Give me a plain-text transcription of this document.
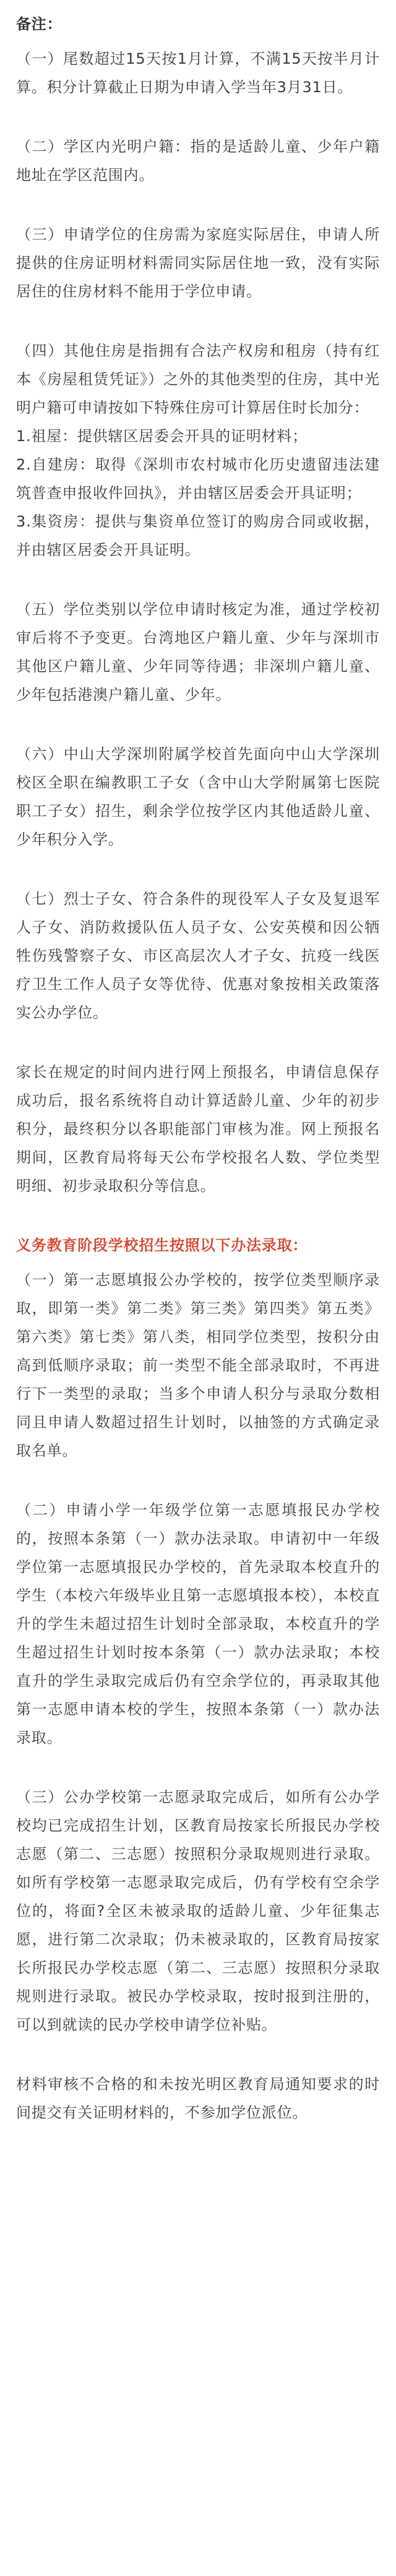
备注：

（一）尾数超过15天按1月计算，不满15天按半月计算。积分计算截止日期为申请入学当年3月31日。

（二）学区内光明户籍：指的是适龄儿童、少年户籍地址在学区范围内。

（三）申请学位的住房需为家庭实际居住，申请人所提供的住房证明材料需同实际居住地一致，没有实际居住的住房材料不能用于学位申请。

（四）其他住房是指拥有合法产权房和租房（持有红本《房屋租赁凭证》）之外的其他类型的住房，其中光明户籍可申请按如下特殊住房可计算居住时长加分：
1.祖屋：提供辖区居委会开具的证明材料；
2.自建房：取得《深圳市农村城市化历史遗留违法建筑普查申报收件回执》，并由辖区居委会开具证明；
3.集资房：提供与集资单位签订的购房合同或收据，并由辖区居委会开具证明。

（五）学位类别以学位申请时核定为准，通过学校初审后将不予变更。台湾地区户籍儿童、少年与深圳市其他区户籍儿童、少年同等待遇；非深圳户籍儿童、少年包括港澳户籍儿童、少年。

（六）中山大学深圳附属学校首先面向中山大学深圳校区全职在编教职工子女（含中山大学附属第七医院职工子女）招生，剩余学位按学区内其他适龄儿童、少年积分入学。

（七）烈士子女、符合条件的现役军人子女及复退军人子女、消防救援队伍人员子女、公安英模和因公牺牲伤残警察子女、市区高层次人才子女、抗疫一线医疗卫生工作人员子女等优待、优惠对象按相关政策落实公办学位。

家长在规定的时间内进行网上预报名，申请信息保存成功后，报名系统将自动计算适龄儿童、少年的初步积分，最终积分以各职能部门审核为准。网上预报名期间，区教育局将每天公布学校报名人数、学位类型明细、初步录取积分等信息。

义务教育阶段学校招生按照以下办法录取：

（一）第一志愿填报公办学校的，按学位类型顺序录取，即第一类》第二类》第三类》第四类》第五类》第六类》第七类》第八类，相同学位类型，按积分由高到低顺序录取；前一类型不能全部录取时，不再进行下一类型的录取；当多个申请人积分与录取分数相同且申请人数超过招生计划时，以抽签的方式确定录取名单。

（二）申请小学一年级学位第一志愿填报民办学校的，按照本条第（一）款办法录取。申请初中一年级学位第一志愿填报民办学校的，首先录取本校直升的学生（本校六年级毕业且第一志愿填报本校），本校直升的学生未超过招生计划时全部录取，本校直升的学生超过招生计划时按本条第（一）款办法录取；本校直升的学生录取完成后仍有空余学位的，再录取其他第一志愿申请本校的学生，按照本条第（一）款办法录取。

（三）公办学校第一志愿录取完成后，如所有公办学校均已完成招生计划，区教育局按家长所报民办学校志愿（第二、三志愿）按照积分录取规则进行录取。如所有学校第一志愿录取完成后，仍有学校有空余学位的，将面?全区未被录取的适龄儿童、少年征集志愿，进行第二次录取；仍未被录取的，区教育局按家长所报民办学校志愿（第二、三志愿）按照积分录取规则进行录取。被民办学校录取，按时报到注册的，可以到就读的民办学校申请学位补贴。

材料审核不合格的和未按光明区教育局通知要求的时间提交有关证明材料的，不参加学位派位。
